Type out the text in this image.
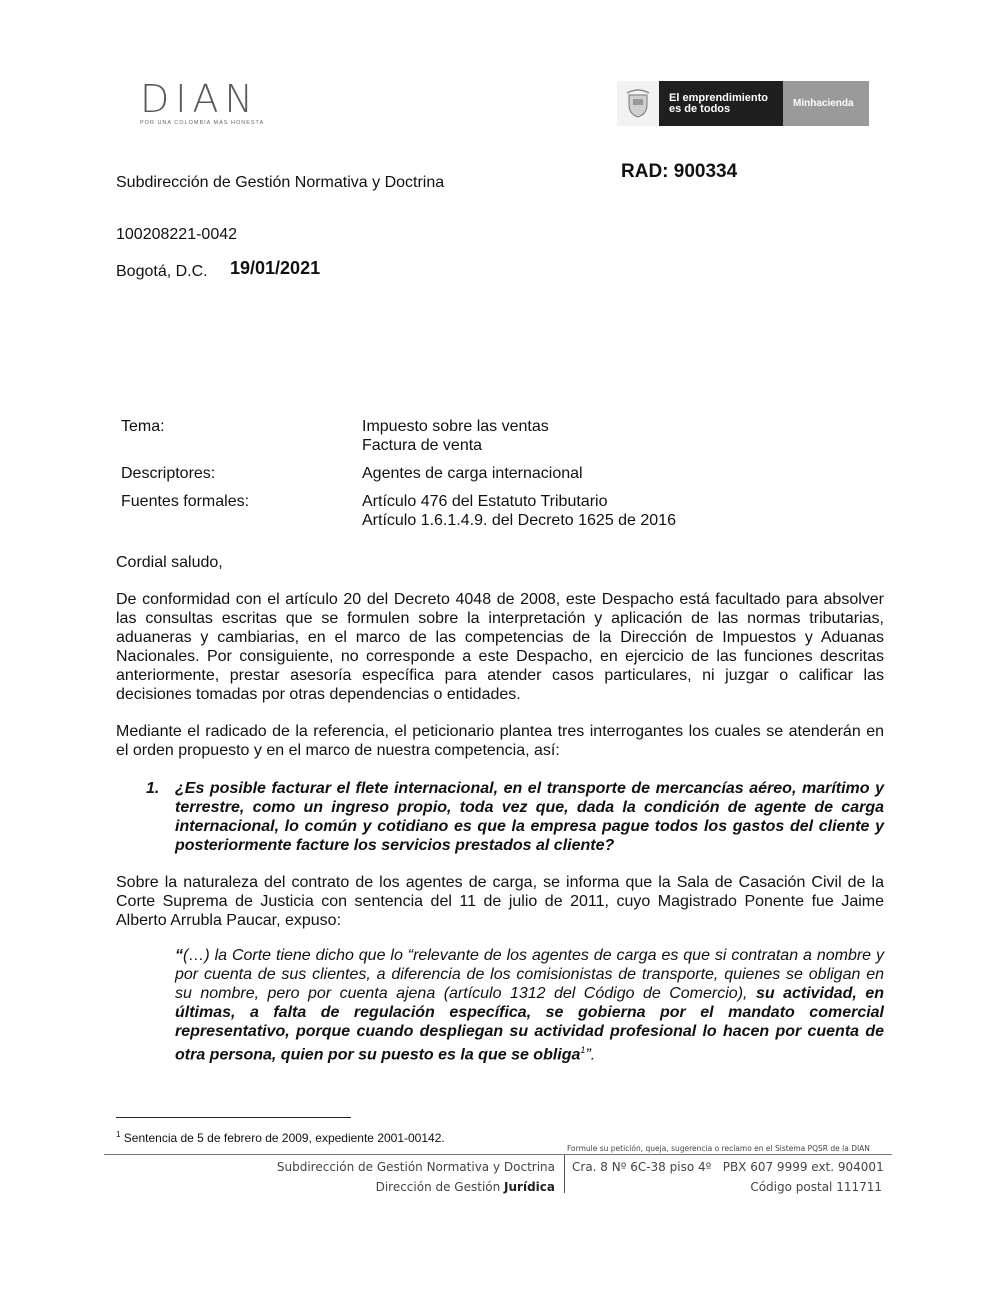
DIAN
POR UNA COLOMBIA MÁS HONESTA
El emprendimiento
es de todos	Minhacienda
Subdirección de Gestión Normativa y Doctrina
RAD: 900334
100208221-0042
Bogotá, D.C. 19/01/2021
Tema:	Impuesto sobre las ventas
Factura de venta
Descriptores:	Agentes de carga internacional
Fuentes formales:	Artículo 476 del Estatuto Tributario
Artículo 1.6.1.4.9. del Decreto 1625 de 2016
Cordial saludo,
De conformidad con el artículo 20 del Decreto 4048 de 2008, este Despacho está facultado para absolver las consultas escritas que se formulen sobre la interpretación y aplicación de las normas tributarias, aduaneras y cambiarias, en el marco de las competencias de la Dirección de Impuestos y Aduanas Nacionales. Por consiguiente, no corresponde a este Despacho, en ejercicio de las funciones descritas anteriormente, prestar asesoría específica para atender casos particulares, ni juzgar o calificar las decisiones tomadas por otras dependencias o entidades.
Mediante el radicado de la referencia, el peticionario plantea tres interrogantes los cuales se atenderán en el orden propuesto y en el marco de nuestra competencia, así:
1. ¿Es posible facturar el flete internacional, en el transporte de mercancías aéreo, marítimo y terrestre, como un ingreso propio, toda vez que, dada la condición de agente de carga internacional, lo común y cotidiano es que la empresa pague todos los gastos del cliente y posteriormente facture los servicios prestados al cliente?
Sobre la naturaleza del contrato de los agentes de carga, se informa que la Sala de Casación Civil de la Corte Suprema de Justicia con sentencia del 11 de julio de 2011, cuyo Magistrado Ponente fue Jaime Alberto Arrubla Paucar, expuso:
“(…) la Corte tiene dicho que lo “relevante de los agentes de carga es que si contratan a nombre y por cuenta de sus clientes, a diferencia de los comisionistas de transporte, quienes se obligan en su nombre, pero por cuenta ajena (artículo 1312 del Código de Comercio), su actividad, en últimas, a falta de regulación específica, se gobierna por el mandato comercial representativo, porque cuando despliegan su actividad profesional lo hacen por cuenta de otra persona, quien por su puesto es la que se obliga$^1$”.
$^1$ Sentencia de 5 de febrero de 2009, expediente 2001-00142.
Formule su petición, queja, sugerencia o reclamo en el Sistema PQSR de la DIAN
Subdirección de Gestión Normativa y Doctrina
Dirección de Gestión Jurídica
Cra. 8 Nº 6C-38 piso 4º   PBX 607 9999 ext. 904001
Código postal 111711
